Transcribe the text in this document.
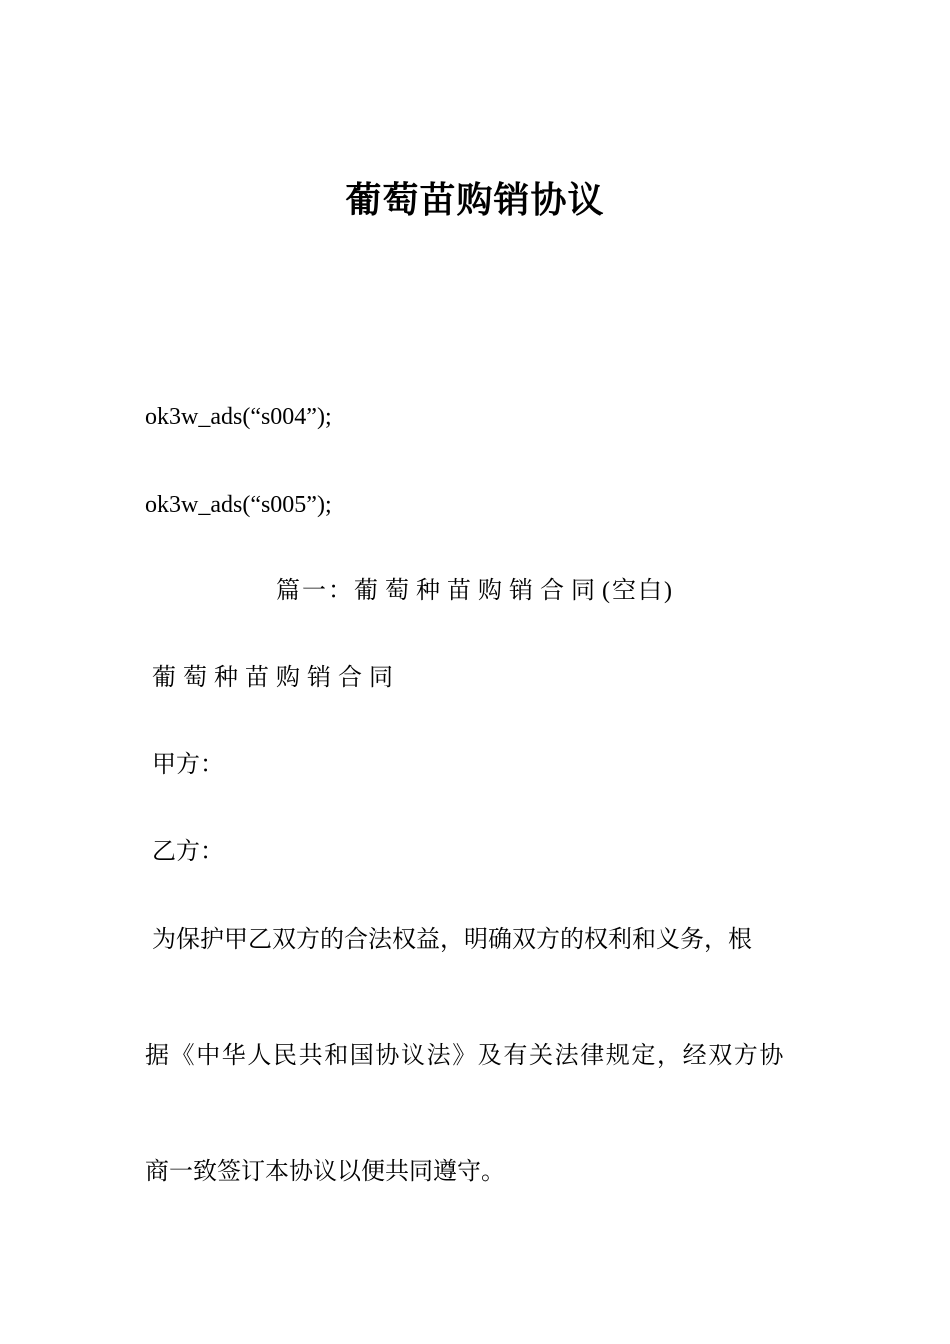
葡萄苗购销协议
ok3w_ads(“s004”);
ok3w_ads(“s005”);
篇一：葡萄种苗购销合同(空白)
葡萄种苗购销合同
甲方：
乙方：
为保护甲乙双方的合法权益，明确双方的权利和义务，根
据《中华人民共和国协议法》及有关法律规定，经双方协
商一致签订本协议以便共同遵守。
